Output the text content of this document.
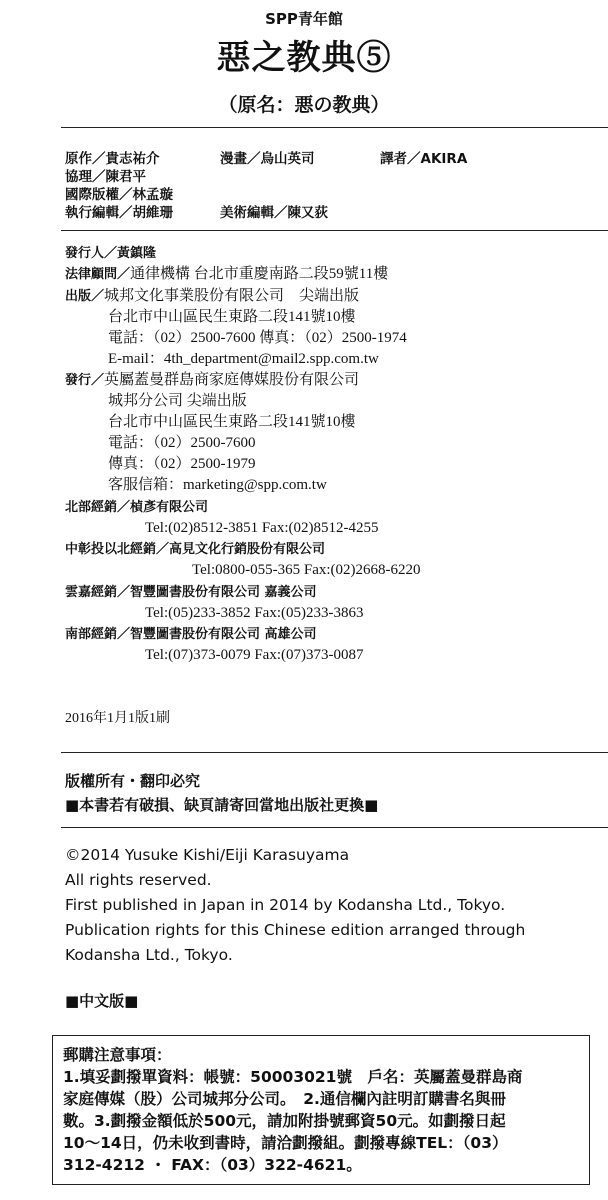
SPP青年館
惡之教典⑤
（原名：悪の教典）
原作／貴志祐介	漫畫／烏山英司	譯者／AKIRA
協理／陳君平
國際版權／林孟璇
執行編輯／胡維珊	美術編輯／陳又荻
發行人／黃鎮隆
法律顧問／通律機構 台北市重慶南路二段59號11樓
出版／城邦文化事業股份有限公司　尖端出版
台北市中山區民生東路二段141號10樓
電話：（02）2500-7600 傳真：（02）2500-1974
E-mail：4th_department@mail2.spp.com.tw
發行／英屬蓋曼群島商家庭傳媒股份有限公司
城邦分公司 尖端出版
台北市中山區民生東路二段141號10樓
電話：（02）2500-7600
傳真：（02）2500-1979
客服信箱：marketing@spp.com.tw
北部經銷／楨彥有限公司
Tel:(02)8512-3851 Fax:(02)8512-4255
中彰投以北經銷／高見文化行銷股份有限公司
Tel:0800-055-365 Fax:(02)2668-6220
雲嘉經銷／智豐圖書股份有限公司 嘉義公司
Tel:(05)233-3852 Fax:(05)233-3863
南部經銷／智豐圖書股份有限公司 高雄公司
Tel:(07)373-0079 Fax:(07)373-0087
2016年1月1版1刷
版權所有・翻印必究
■本書若有破損、缺頁請寄回當地出版社更換■
©2014 Yusuke Kishi/Eiji Karasuyama
All rights reserved.
First published in Japan in 2014 by Kodansha Ltd., Tokyo.
Publication rights for this Chinese edition arranged through
Kodansha Ltd., Tokyo.
■中文版■
郵購注意事項：
1.填妥劃撥單資料：帳號：50003021號　戶名：英屬蓋曼群島商
家庭傳媒（股）公司城邦分公司。　2.通信欄內註明訂購書名與冊
數。3.劃撥金額低於500元，請加附掛號郵資50元。如劃撥日起
10～14日，仍未收到書時，請洽劃撥組。劃撥專線TEL：（03）
312-4212 ・ FAX：（03）322-4621。
